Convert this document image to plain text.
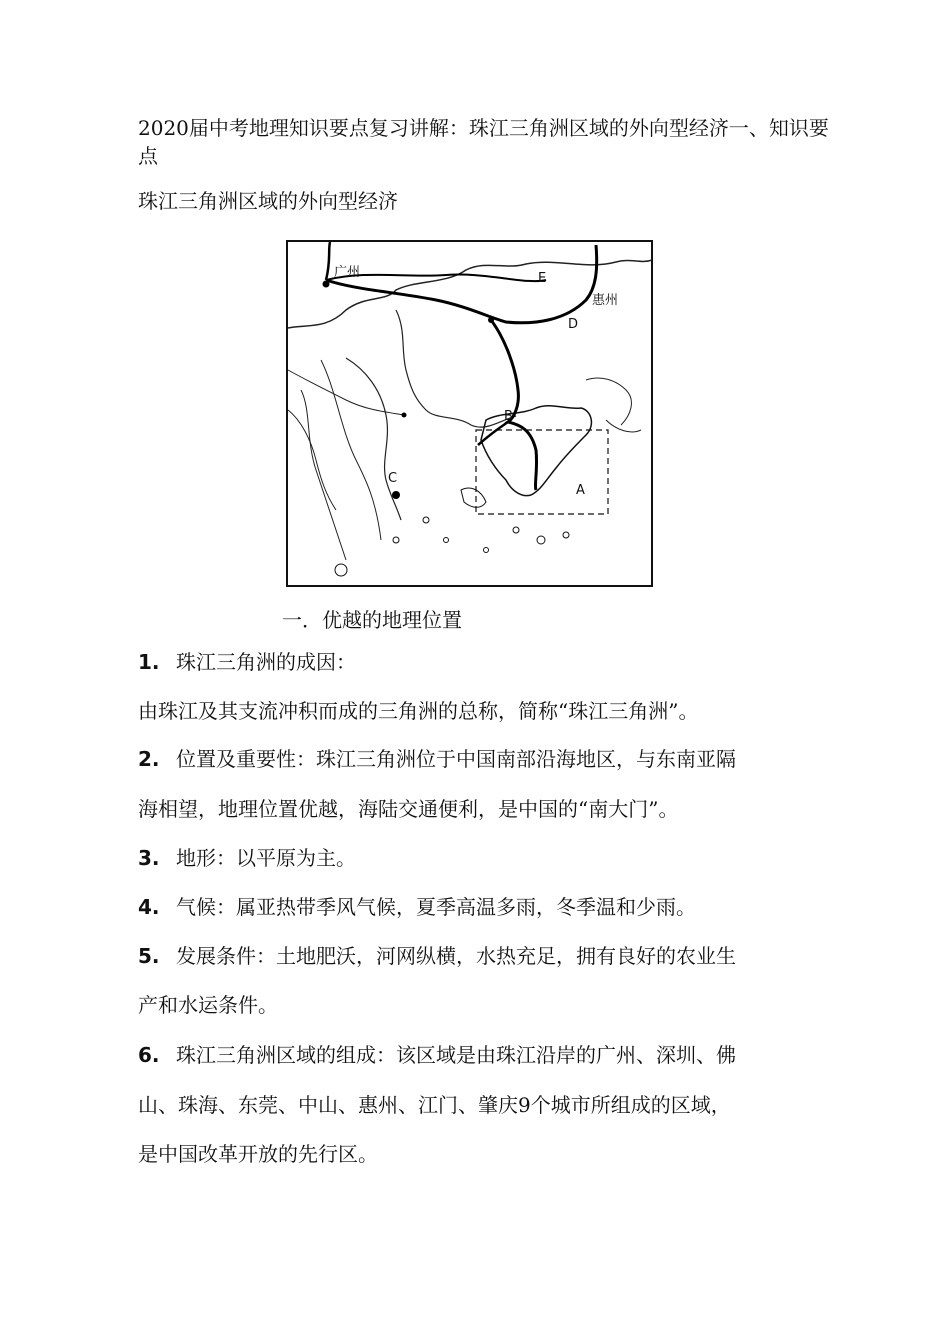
2020届中考地理知识要点复习讲解：珠江三角洲区域的外向型经济一、知识要点
珠江三角洲区域的外向型经济
广州
惠州
E
D
B
C
A
一．优越的地理位置
1. 珠江三角洲的成因：
由珠江及其支流冲积而成的三角洲的总称，简称“珠江三角洲”。
2. 位置及重要性：珠江三角洲位于中国南部沿海地区，与东南亚隔
海相望，地理位置优越，海陆交通便利，是中国的“南大门”。
3. 地形：以平原为主。
4. 气候：属亚热带季风气候，夏季高温多雨，冬季温和少雨。
5. 发展条件：土地肥沃，河网纵横，水热充足，拥有良好的农业生
产和水运条件。
6. 珠江三角洲区域的组成：该区域是由珠江沿岸的广州、深圳、佛
山、珠海、东莞、中山、惠州、江门、肇庆9个城市所组成的区域，
是中国改革开放的先行区。
